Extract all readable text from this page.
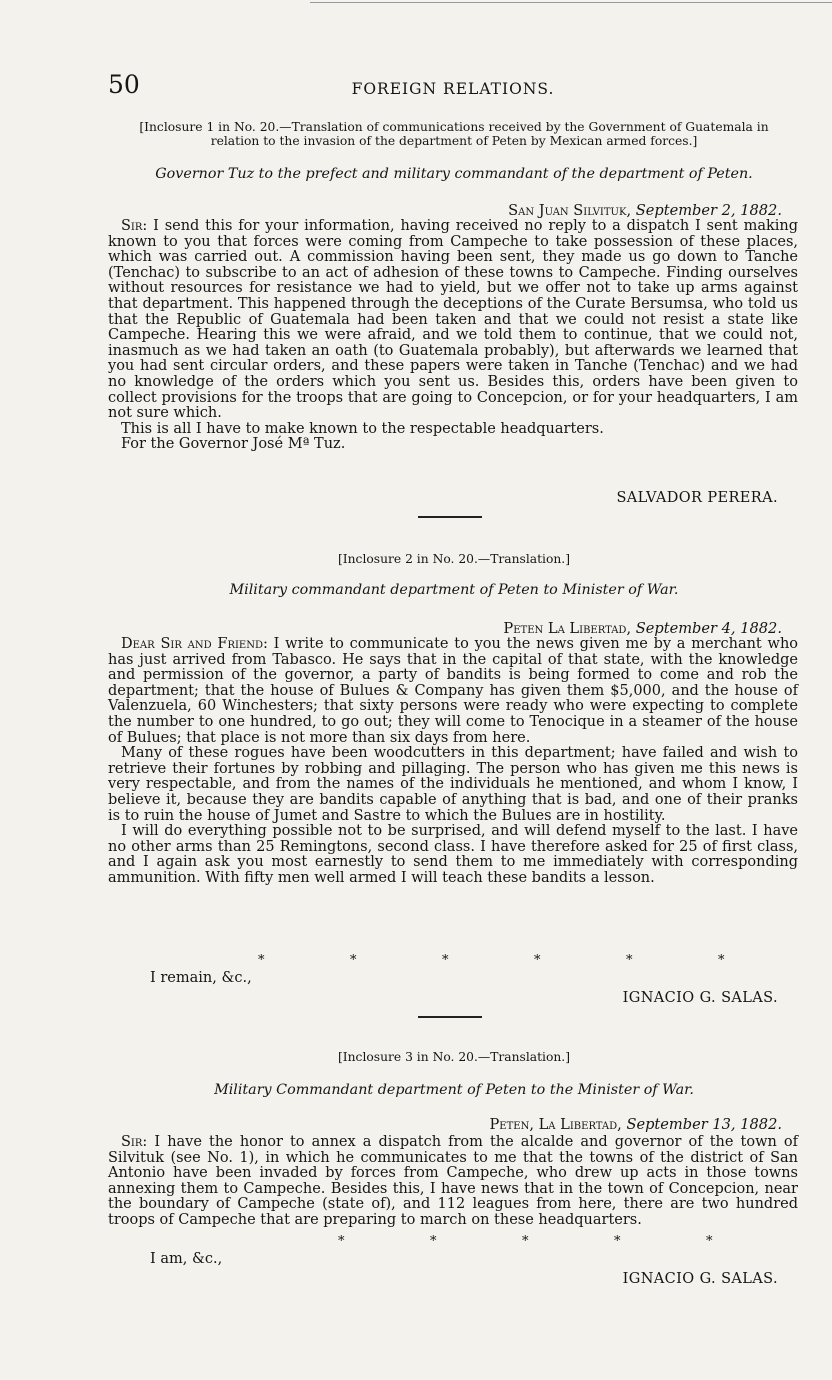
50	FOREIGN RELATIONS.
[Inclosure 1 in No. 20.—Translation of communications received by the Government of Guatemala in
relation to the invasion of the department of Peten by Mexican armed forces.]
Governor Tuz to the prefect and military commandant of the department of Peten.
San Juan Silvituk, September 2, 1882.

Sir: I send this for your information, having received no reply to a dispatch I sent making known to you that forces were coming from Campeche to take possession of these places, which was carried out. A commission having been sent, they made us go down to Tanche (Tenchac) to subscribe to an act of adhesion of these towns to Campeche. Finding ourselves without resources for resistance we had to yield, but we offer not to take up arms against that department. This happened through the deceptions of the Curate Bersumsa, who told us that the Republic of Guatemala had been taken and that we could not resist a state like Campeche. Hearing this we were afraid, and we told them to continue, that we could not, inasmuch as we had taken an oath (to Guatemala probably), but afterwards we learned that you had sent circular orders, and these papers were taken in Tanche (Tenchac) and we had no knowledge of the orders which you sent us. Besides this, orders have been given to collect provisions for the troops that are going to Concepcion, or for your headquarters, I am not sure which.

This is all I have to make known to the respectable headquarters.

For the Governor José Mª Tuz.

SALVADOR PERERA.
[Inclosure 2 in No. 20.—Translation.]
Military commandant department of Peten to Minister of War.
Peten La Libertad, September 4, 1882.

Dear Sir and Friend: I write to communicate to you the news given me by a merchant who has just arrived from Tabasco. He says that in the capital of that state, with the knowledge and permission of the governor, a party of bandits is being formed to come and rob the department; that the house of Bulues & Company has given them $5,000, and the house of Valenzuela, 60 Winchesters; that sixty persons were ready who were expecting to complete the number to one hundred, to go out; they will come to Tenocique in a steamer of the house of Bulues; that place is not more than six days from here.

Many of these rogues have been woodcutters in this department; have failed and wish to retrieve their fortunes by robbing and pillaging. The person who has given me this news is very respectable, and from the names of the individuals he mentioned, and whom I know, I believe it, because they are bandits capable of anything that is bad, and one of their pranks is to ruin the house of Jumet and Sastre to which the Bulues are in hostility.

I will do everything possible not to be surprised, and will defend myself to the last. I have no other arms than 25 Remingtons, second class. I have therefore asked for 25 of first class, and I again ask you most earnestly to send them to me immediately with corresponding ammunition. With fifty men well armed I will teach these bandits a lesson.

*	*	*	*	*	*
I remain, &c.,
IGNACIO G. SALAS.
[Inclosure 3 in No. 20.—Translation.]
Military Commandant department of Peten to the Minister of War.
Peten, La Libertad, September 13, 1882.

Sir: I have the honor to annex a dispatch from the alcalde and governor of the town of Silvituk (see No. 1), in which he communicates to me that the towns of the district of San Antonio have been invaded by forces from Campeche, who drew up acts in those towns annexing them to Campeche. Besides this, I have news that in the town of Concepcion, near the boundary of Campeche (state of), and 112 leagues from here, there are two hundred troops of Campeche that are preparing to march on these headquarters.

*	*	*	*	*
I am, &c.,
IGNACIO G. SALAS.
